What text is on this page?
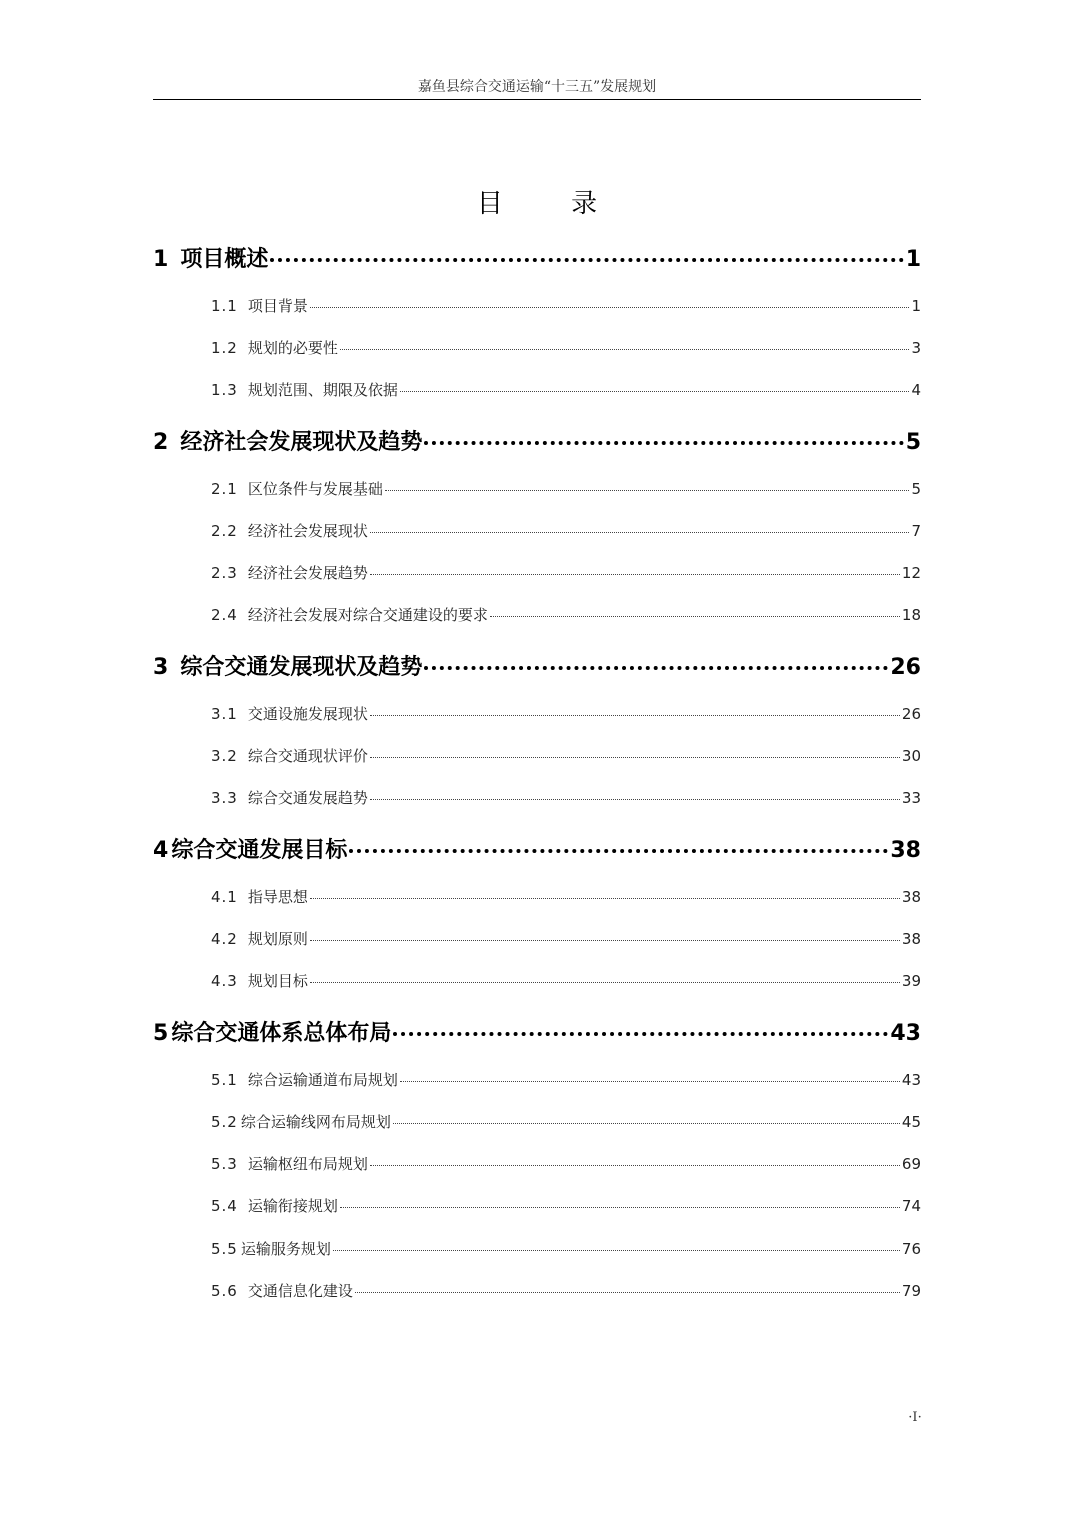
嘉鱼县综合交通运输“十三五”发展规划
目 录
1 项目概述	1
1.1 项目背景	1
1.2 规划的必要性	3
1.3 规划范围、期限及依据	4
2 经济社会发展现状及趋势	5
2.1 区位条件与发展基础	5
2.2 经济社会发展现状	7
2.3 经济社会发展趋势	12
2.4 经济社会发展对综合交通建设的要求	18
3 综合交通发展现状及趋势	26
3.1 交通设施发展现状	26
3.2 综合交通现状评价	30
3.3 综合交通发展趋势	33
4 综合交通发展目标	38
4.1 指导思想	38
4.2 规划原则	38
4.3 规划目标	39
5 综合交通体系总体布局	43
5.1 综合运输通道布局规划	43
5.2 综合运输线网布局规划	45
5.3 运输枢纽布局规划	69
5.4 运输衔接规划	74
5.5 运输服务规划	76
5.6 交通信息化建设	79
·I·
